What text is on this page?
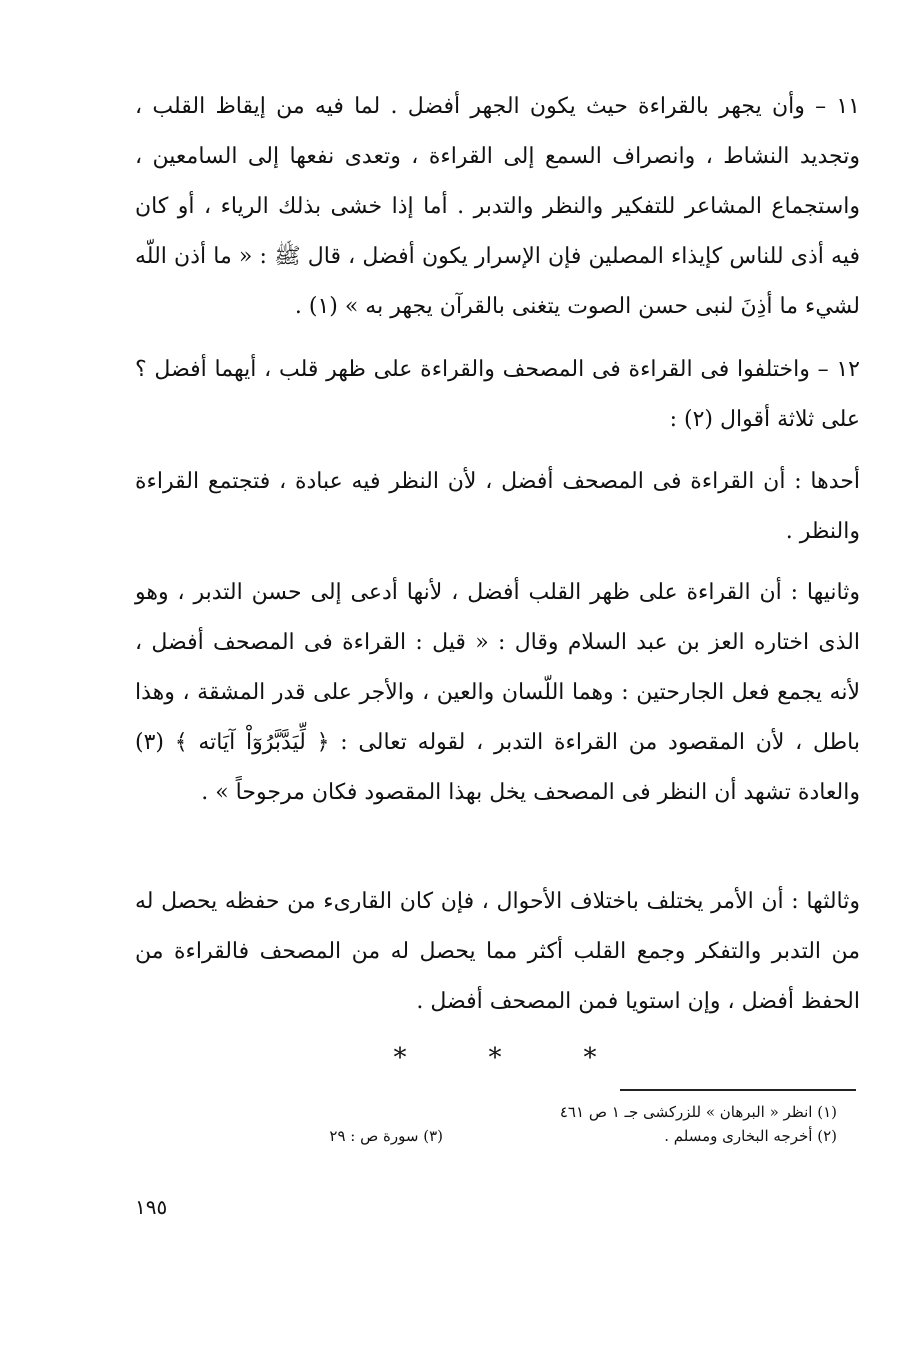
١١ – وأن يجهر بالقراءة حيث يكون الجهر أفضل . لما فيه من إيقاظ القلب ، وتجديد النشاط ، وانصراف السمع إلى القراءة ، وتعدى نفعها إلى السامعين ، واستجماع المشاعر للتفكير والنظر والتدبر . أما إذا خشى بذلك الرياء ، أو كان فيه أذى للناس كإيذاء المصلين فإن الإسرار يكون أفضل ، قال ﷺ : « ما أذن اللّه لشيء ما أذِنَ لنبى حسن الصوت يتغنى بالقرآن يجهر به » (١) .

١٢ – واختلفوا فى القراءة فى المصحف والقراءة على ظهر قلب ، أيهما أفضل ؟ على ثلاثة أقوال (٢) :

أحدها : أن القراءة فى المصحف أفضل ، لأن النظر فيه عبادة ، فتجتمع القراءة والنظر .

وثانيها : أن القراءة على ظهر القلب أفضل ، لأنها أدعى إلى حسن التدبر ، وهو الذى اختاره العز بن عبد السلام وقال : « قيل : القراءة فى المصحف أفضل ، لأنه يجمع فعل الجارحتين : وهما اللّسان والعين ، والأجر على قدر المشقة ، وهذا باطل ، لأن المقصود من القراءة التدبر ، لقوله تعالى : ﴿ لِّيَدَّبَّرُوٓاْ آيَاته ﴾ (٣) والعادة تشهد أن النظر فى المصحف يخل بهذا المقصود فكان مرجوحاً » .

وثالثها : أن الأمر يختلف باختلاف الأحوال ، فإن كان القارىء من حفظه يحصل له من التدبر والتفكر وجمع القلب أكثر مما يحصل له من المصحف فالقراءة من الحفظ أفضل ، وإن استويا فمن المصحف أفضل .

*	*	*
(١) انظر « البرهان » للزركشى جـ ١ ص ٤٦١
(٢) أخرجه البخارى ومسلم .
(٣) سورة ص : ٢٩
١٩٥
